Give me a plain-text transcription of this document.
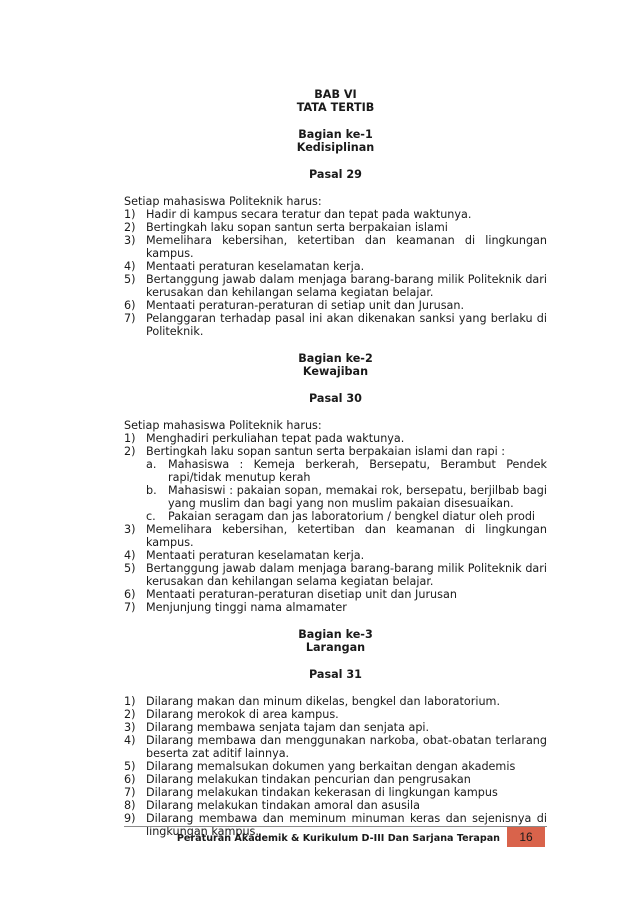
BAB VI
TATA TERTIB
Bagian ke-1
Kedisiplinan
Pasal 29
Setiap mahasiswa Politeknik harus:
1) Hadir di kampus secara teratur dan tepat pada waktunya.
2) Bertingkah laku sopan santun serta berpakaian islami
3) Memelihara kebersihan, ketertiban dan keamanan di lingkungan kampus.
4) Mentaati peraturan keselamatan kerja.
5) Bertanggung jawab dalam menjaga barang-barang milik Politeknik dari kerusakan dan kehilangan selama kegiatan belajar.
6) Mentaati peraturan-peraturan di setiap unit dan Jurusan.
7) Pelanggaran terhadap pasal ini akan dikenakan sanksi yang berlaku di Politeknik.
Bagian ke-2
Kewajiban
Pasal 30
Setiap mahasiswa Politeknik harus:
1) Menghadiri perkuliahan tepat pada waktunya.
2) Bertingkah laku sopan santun serta berpakaian islami dan rapi :
a. Mahasiswa : Kemeja berkerah, Bersepatu, Berambut Pendek rapi/tidak menutup kerah
b. Mahasiswi : pakaian sopan, memakai rok, bersepatu, berjilbab bagi yang muslim dan bagi yang non muslim pakaian disesuaikan.
c. Pakaian seragam dan jas laboratorium / bengkel diatur oleh prodi
3) Memelihara kebersihan, ketertiban dan keamanan di lingkungan kampus.
4) Mentaati peraturan keselamatan kerja.
5) Bertanggung jawab dalam menjaga barang-barang milik Politeknik dari kerusakan dan kehilangan selama kegiatan belajar.
6) Mentaati peraturan-peraturan disetiap unit dan Jurusan
7) Menjunjung tinggi nama almamater
Bagian ke-3
Larangan
Pasal 31
1) Dilarang makan dan minum dikelas, bengkel dan laboratorium.
2) Dilarang merokok di area kampus.
3) Dilarang membawa senjata tajam dan senjata api.
4) Dilarang membawa dan menggunakan narkoba, obat-obatan terlarang beserta zat aditif lainnya.
5) Dilarang memalsukan dokumen yang berkaitan dengan akademis
6) Dilarang melakukan tindakan pencurian dan pengrusakan
7) Dilarang melakukan tindakan kekerasan di lingkungan kampus
8) Dilarang melakukan tindakan amoral dan asusila
9) Dilarang membawa dan meminum minuman keras dan sejenisnya di lingkungan kampus.
Peraturan Akademik & Kurikulum D-III Dan Sarjana Terapan	16
